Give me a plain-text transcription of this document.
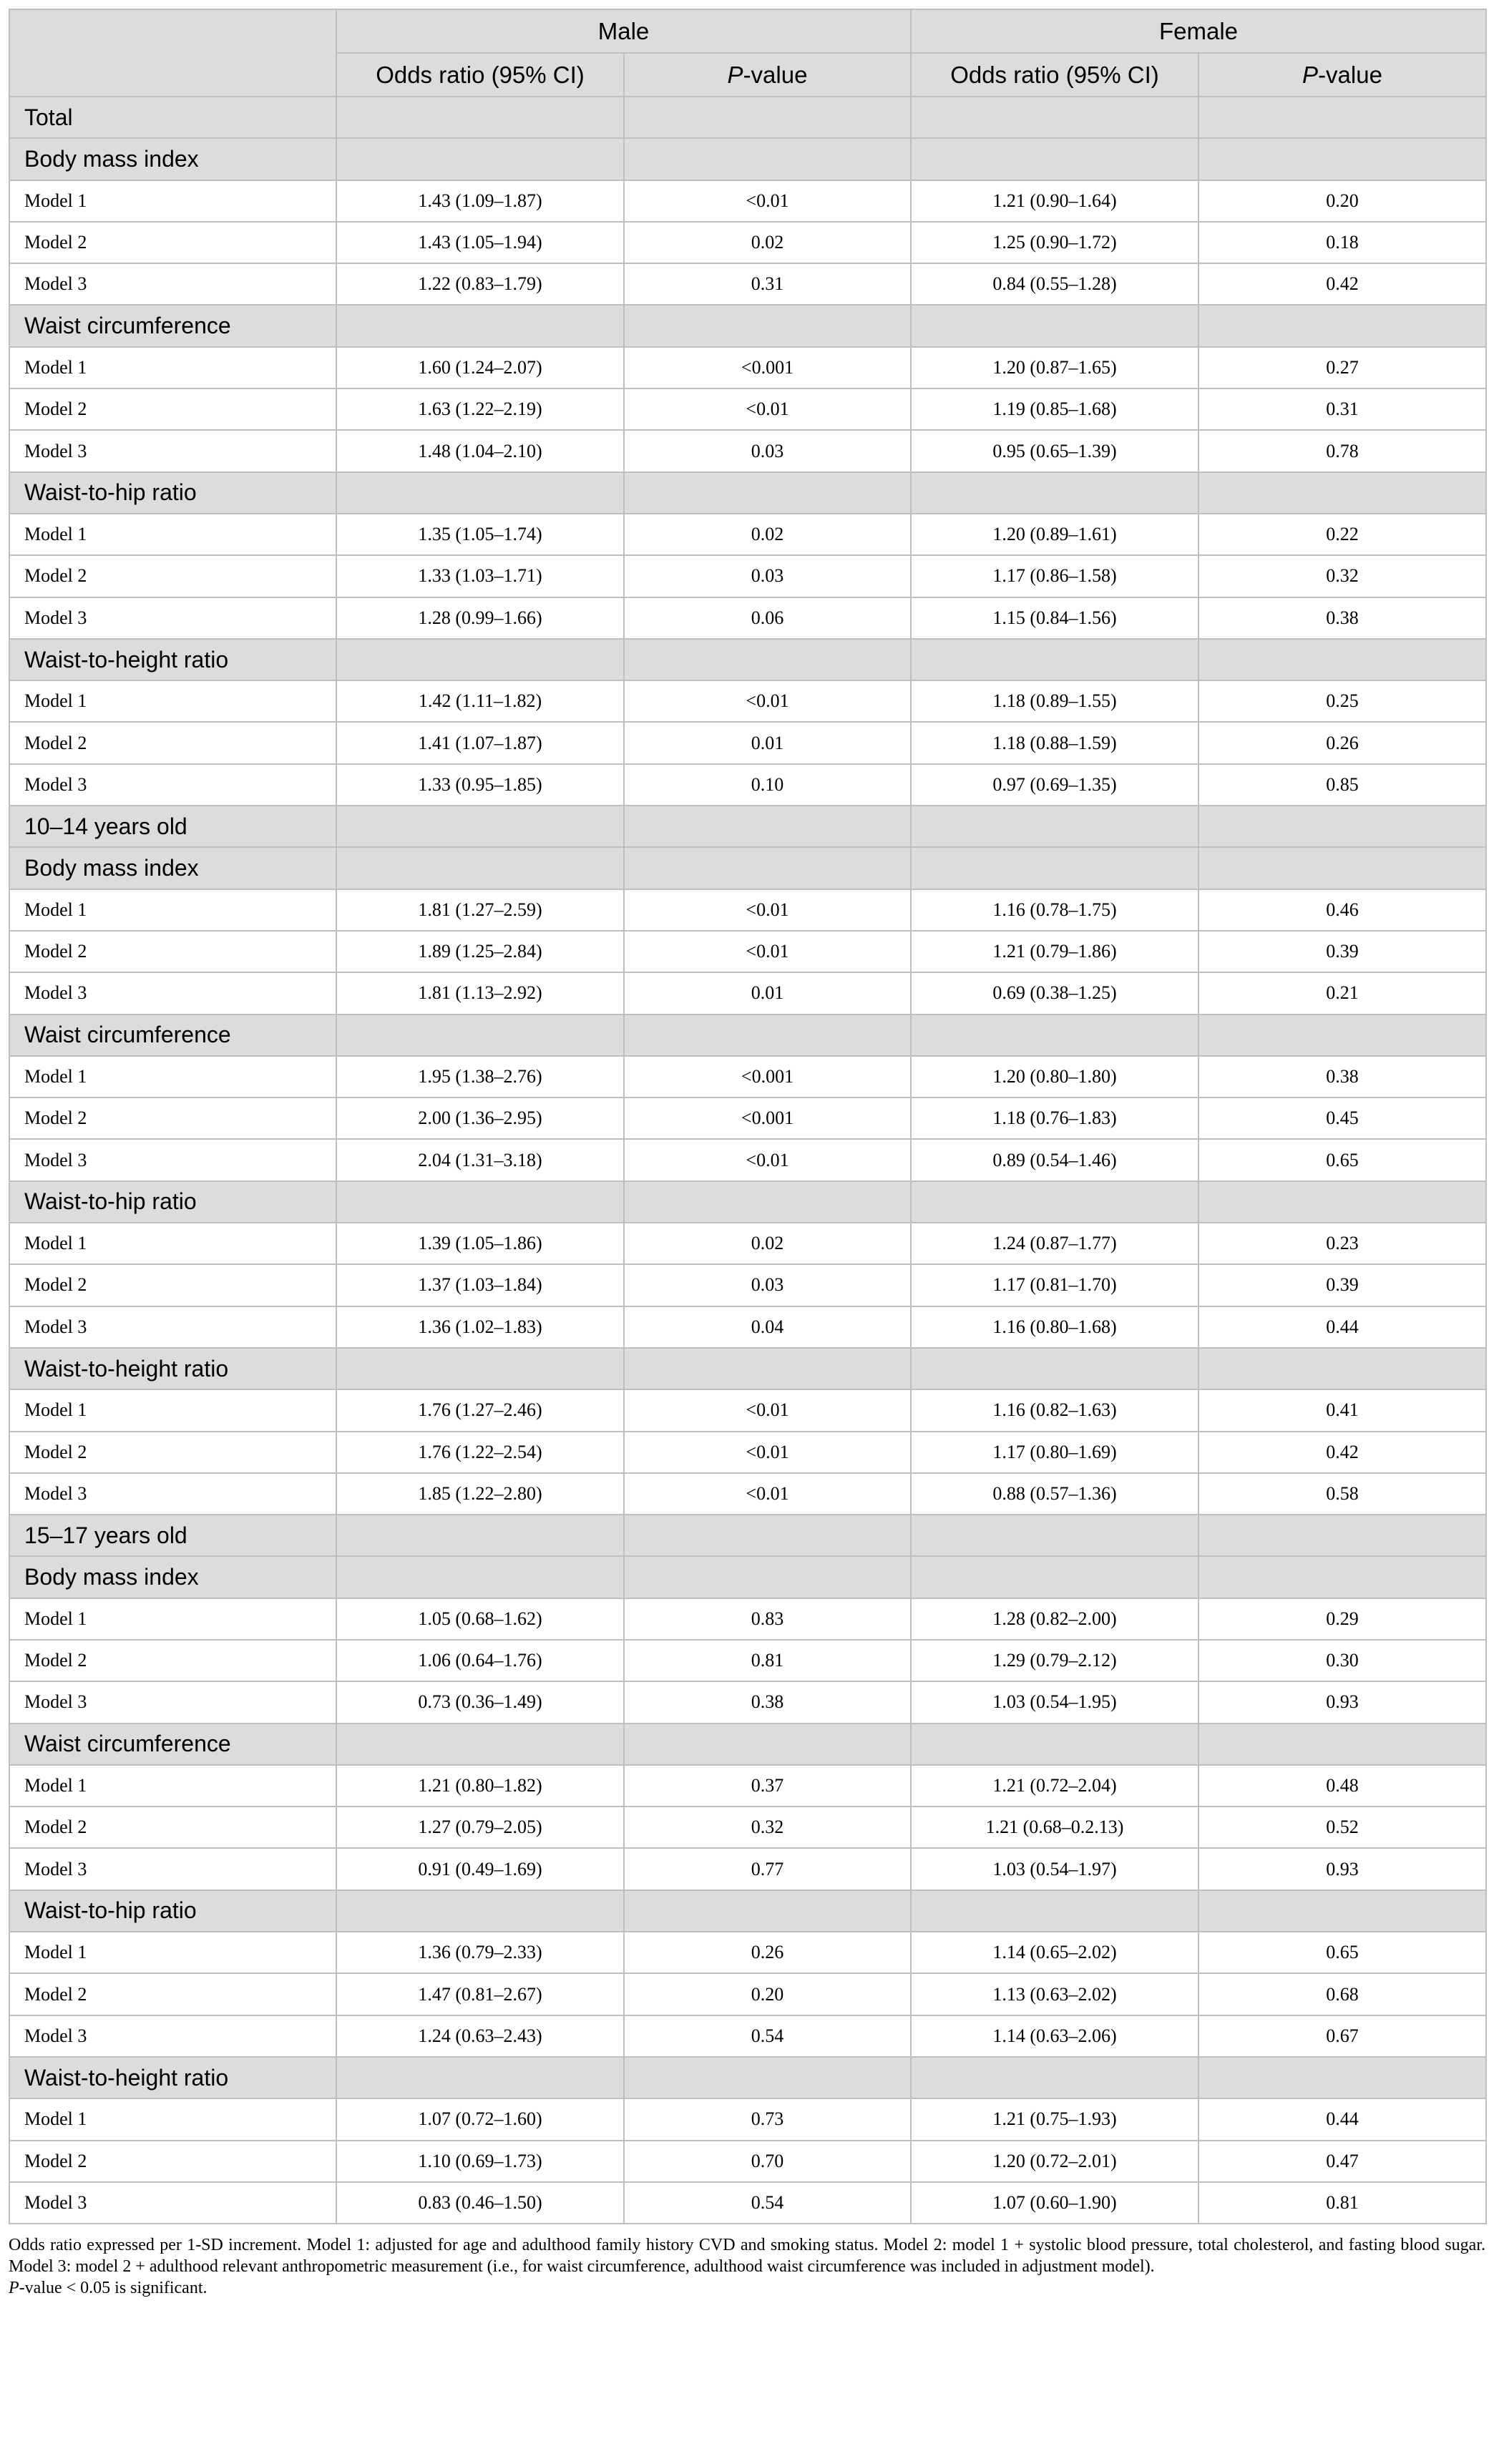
	Male		Female	
	Odds ratio (95% CI)	P-value	Odds ratio (95% CI)	P-value
Total				
Body mass index				
Model 1	1.43 (1.09–1.87)	<0.01	1.21 (0.90–1.64)	0.20
Model 2	1.43 (1.05–1.94)	0.02	1.25 (0.90–1.72)	0.18
Model 3	1.22 (0.83–1.79)	0.31	0.84 (0.55–1.28)	0.42
Waist circumference				
Model 1	1.60 (1.24–2.07)	<0.001	1.20 (0.87–1.65)	0.27
Model 2	1.63 (1.22–2.19)	<0.01	1.19 (0.85–1.68)	0.31
Model 3	1.48 (1.04–2.10)	0.03	0.95 (0.65–1.39)	0.78
Waist-to-hip ratio				
Model 1	1.35 (1.05–1.74)	0.02	1.20 (0.89–1.61)	0.22
Model 2	1.33 (1.03–1.71)	0.03	1.17 (0.86–1.58)	0.32
Model 3	1.28 (0.99–1.66)	0.06	1.15 (0.84–1.56)	0.38
Waist-to-height ratio				
Model 1	1.42 (1.11–1.82)	<0.01	1.18 (0.89–1.55)	0.25
Model 2	1.41 (1.07–1.87)	0.01	1.18 (0.88–1.59)	0.26
Model 3	1.33 (0.95–1.85)	0.10	0.97 (0.69–1.35)	0.85
10–14 years old				
Body mass index				
Model 1	1.81 (1.27–2.59)	<0.01	1.16 (0.78–1.75)	0.46
Model 2	1.89 (1.25–2.84)	<0.01	1.21 (0.79–1.86)	0.39
Model 3	1.81 (1.13–2.92)	0.01	0.69 (0.38–1.25)	0.21
Waist circumference				
Model 1	1.95 (1.38–2.76)	<0.001	1.20 (0.80–1.80)	0.38
Model 2	2.00 (1.36–2.95)	<0.001	1.18 (0.76–1.83)	0.45
Model 3	2.04 (1.31–3.18)	<0.01	0.89 (0.54–1.46)	0.65
Waist-to-hip ratio				
Model 1	1.39 (1.05–1.86)	0.02	1.24 (0.87–1.77)	0.23
Model 2	1.37 (1.03–1.84)	0.03	1.17 (0.81–1.70)	0.39
Model 3	1.36 (1.02–1.83)	0.04	1.16 (0.80–1.68)	0.44
Waist-to-height ratio				
Model 1	1.76 (1.27–2.46)	<0.01	1.16 (0.82–1.63)	0.41
Model 2	1.76 (1.22–2.54)	<0.01	1.17 (0.80–1.69)	0.42
Model 3	1.85 (1.22–2.80)	<0.01	0.88 (0.57–1.36)	0.58
15–17 years old				
Body mass index				
Model 1	1.05 (0.68–1.62)	0.83	1.28 (0.82–2.00)	0.29
Model 2	1.06 (0.64–1.76)	0.81	1.29 (0.79–2.12)	0.30
Model 3	0.73 (0.36–1.49)	0.38	1.03 (0.54–1.95)	0.93
Waist circumference				
Model 1	1.21 (0.80–1.82)	0.37	1.21 (0.72–2.04)	0.48
Model 2	1.27 (0.79–2.05)	0.32	1.21 (0.68–0.2.13)	0.52
Model 3	0.91 (0.49–1.69)	0.77	1.03 (0.54–1.97)	0.93
Waist-to-hip ratio				
Model 1	1.36 (0.79–2.33)	0.26	1.14 (0.65–2.02)	0.65
Model 2	1.47 (0.81–2.67)	0.20	1.13 (0.63–2.02)	0.68
Model 3	1.24 (0.63–2.43)	0.54	1.14 (0.63–2.06)	0.67
Waist-to-height ratio				
Model 1	1.07 (0.72–1.60)	0.73	1.21 (0.75–1.93)	0.44
Model 2	1.10 (0.69–1.73)	0.70	1.20 (0.72–2.01)	0.47
Model 3	0.83 (0.46–1.50)	0.54	1.07 (0.60–1.90)	0.81

Odds ratio expressed per 1-SD increment. Model 1: adjusted for age and adulthood family history CVD and smoking status. Model 2: model 1 + systolic blood pressure, total cholesterol, and fasting blood sugar. Model 3: model 2 + adulthood relevant anthropometric measurement (i.e., for waist circumference, adulthood waist circumference was included in adjustment model).

P-value < 0.05 is significant.
